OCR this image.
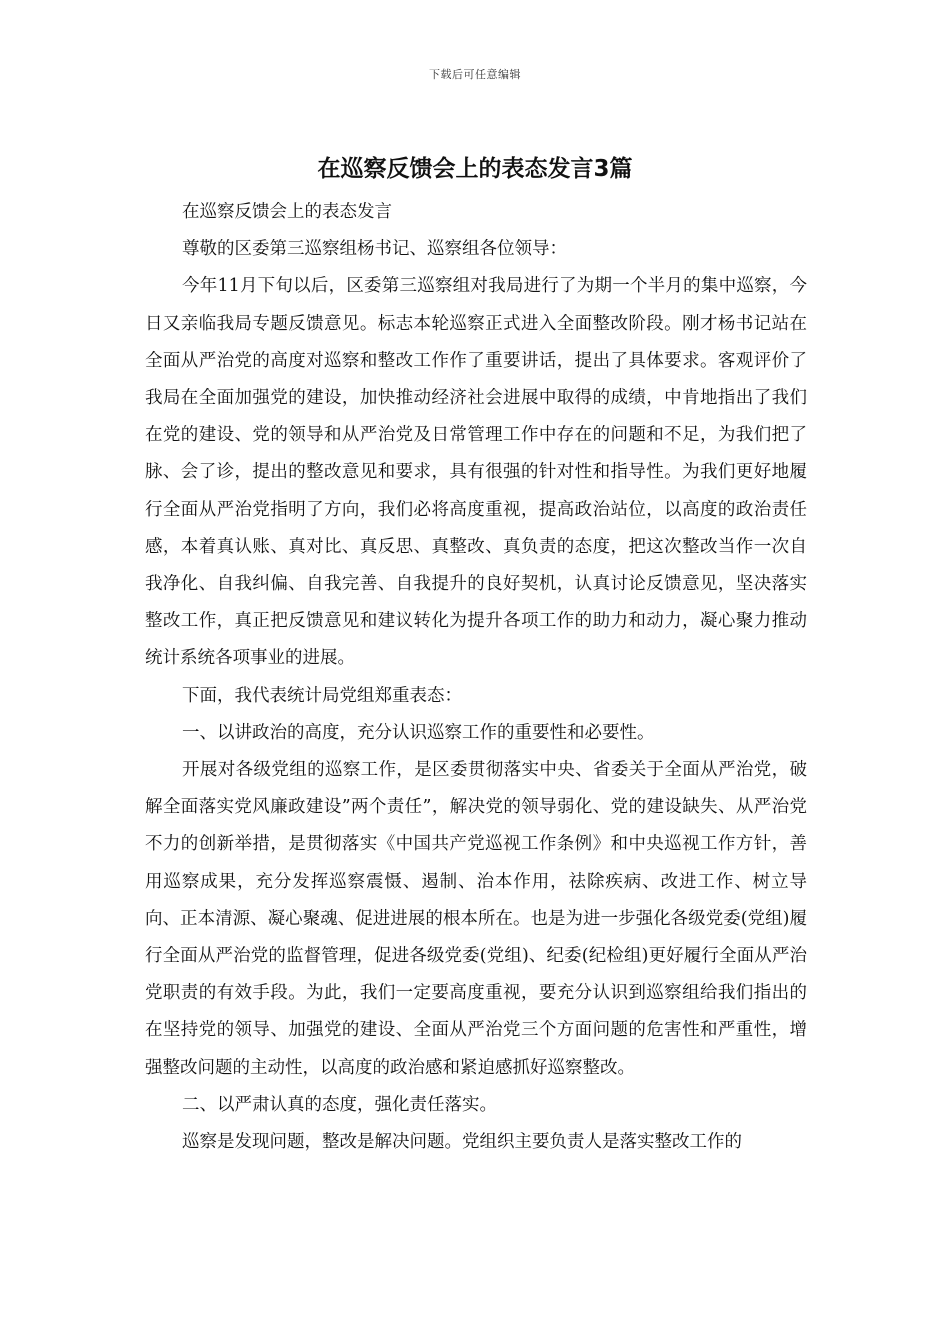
下载后可任意编辑
在巡察反馈会上的表态发言3篇

在巡察反馈会上的表态发言

尊敬的区委第三巡察组杨书记、巡察组各位领导：

今年11月下旬以后，区委第三巡察组对我局进行了为期一个半月的集中巡察，今日又亲临我局专题反馈意见。标志本轮巡察正式进入全面整改阶段。刚才杨书记站在全面从严治党的高度对巡察和整改工作作了重要讲话，提出了具体要求。客观评价了我局在全面加强党的建设，加快推动经济社会进展中取得的成绩，中肯地指出了我们在党的建设、党的领导和从严治党及日常管理工作中存在的问题和不足，为我们把了脉、会了诊，提出的整改意见和要求，具有很强的针对性和指导性。为我们更好地履行全面从严治党指明了方向，我们必将高度重视，提高政治站位，以高度的政治责任感，本着真认账、真对比、真反思、真整改、真负责的态度，把这次整改当作一次自我净化、自我纠偏、自我完善、自我提升的良好契机，认真讨论反馈意见，坚决落实整改工作，真正把反馈意见和建议转化为提升各项工作的助力和动力，凝心聚力推动统计系统各项事业的进展。

下面，我代表统计局党组郑重表态：

一、以讲政治的高度，充分认识巡察工作的重要性和必要性。

开展对各级党组的巡察工作，是区委贯彻落实中央、省委关于全面从严治党，破解全面落实党风廉政建设”两个责任”，解决党的领导弱化、党的建设缺失、从严治党不力的创新举措，是贯彻落实《中国共产党巡视工作条例》和中央巡视工作方针，善用巡察成果，充分发挥巡察震慑、遏制、治本作用，祛除疾病、改进工作、树立导向、正本清源、凝心聚魂、促进进展的根本所在。也是为进一步强化各级党委(党组)履行全面从严治党的监督管理，促进各级党委(党组)、纪委(纪检组)更好履行全面从严治党职责的有效手段。为此，我们一定要高度重视，要充分认识到巡察组给我们指出的在坚持党的领导、加强党的建设、全面从严治党三个方面问题的危害性和严重性，增强整改问题的主动性，以高度的政治感和紧迫感抓好巡察整改。

二、以严肃认真的态度，强化责任落实。

巡察是发现问题，整改是解决问题。党组织主要负责人是落实整改工作的
